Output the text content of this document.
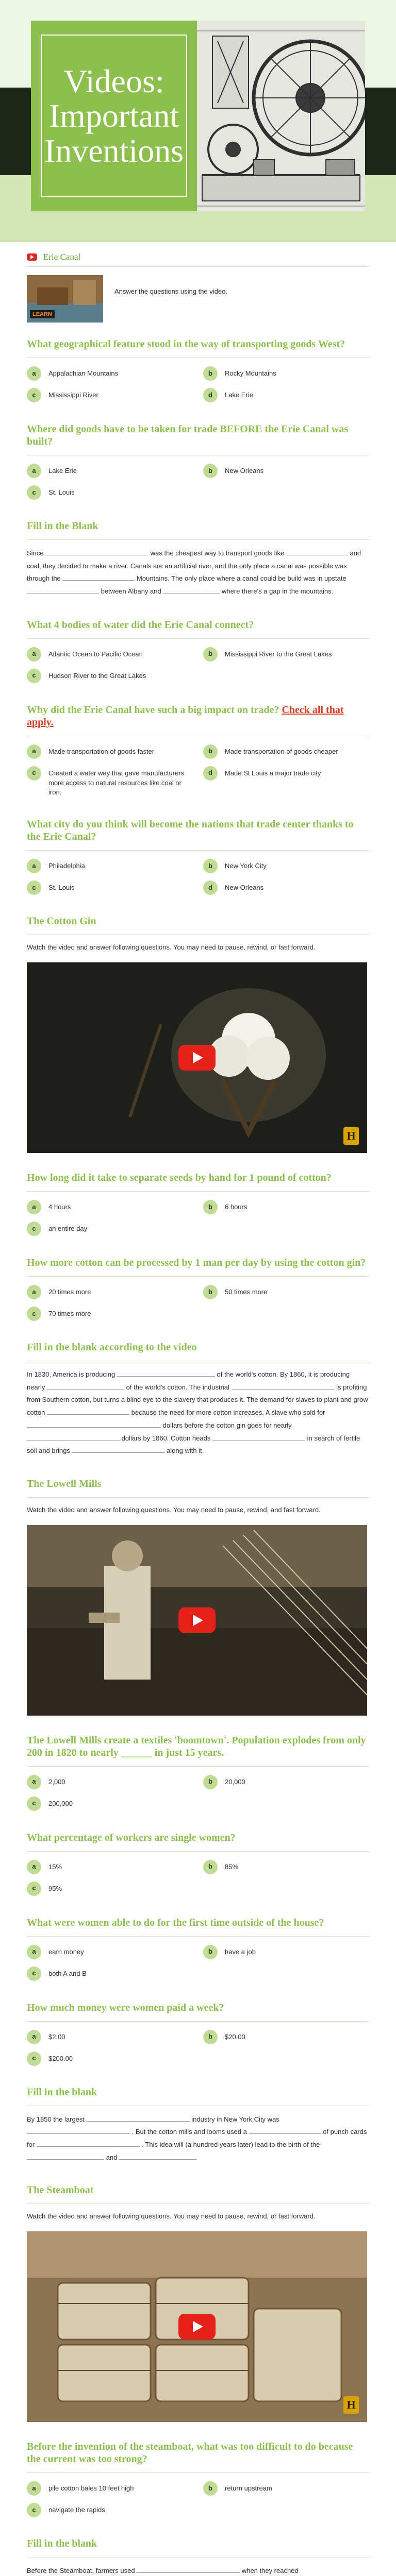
Videos: Important Inventions
Erie Canal
LEARN

Answer the questions using the video.

What geographical feature stood in the way of transporting goods West?
a	Appalachian Mountains	b	Rocky Mountains
c	Mississippi River	d	Lake Erie
Where did goods have to be taken for trade BEFORE the Erie Canal was built?
a	Lake Erie	b	New Orleans
c	St. Louis
Fill in the Blank

Since	was the cheapest way to transport goods like	and coal, they decided to make a river. Canals are an artificial river, and the only place a canal was possible was through the	Mountains. The only place where a canal could be build was in upstate  between Albany and	where there's a gap in the mountains.

What 4 bodies of water did the Erie Canal connect?
a	Atlantic Ocean to Pacific Ocean	b	Mississippi River to the Great Lakes
c	Hudson River to the Great Lakes
Why did the Erie Canal have such a big impact on trade? Check all that apply.
a	Made transportation of goods faster	b	Made transportation of goods cheaper
c	Created a water way that gave manufacturers more access to natural resources like coal or iron.
d	Made St Louis a major trade city
What city do you think will become the nations that trade center thanks to the Erie Canal?
a	Philadelphia	b	New York City
c	St. Louis	d	New Orleans
The Cotton Gin

Watch the video and answer following questions. You may need to pause, rewind, or fast forward.

H
How long did it take to separate seeds by hand for 1 pound of cotton?
a	4 hours	b	6 hours
c	an entire day
How more cotton can be processed by 1 man per day by using the cotton gin?
a	20 times more	b	50 times more
c	70 times more
Fill in the blank according to the video

In 1830, America is producing	of the world's cotton. By 1860, it is producing nearly	of the world's cotton. The industrial	is profiting from Southern cotton, but turns a blind eye to the slavery that produces it. The demand for slaves to plant and grow cotton	because the need for more cotton increases. A slave who sold for  dollars before the cotton gin goes for nearly  dollars by 1860. Cotton heads	in search of fertile soil and brings	along with it.

The Lowell Mills

Watch the video and answer following questions. You may need to pause, rewind, and fast forward.

The Lowell Mills create a textiles 'boomtown'. Population explodes from only 200 in 1820 to nearly ______ in just 15 years.
a	2,000	b	20,000
c	200,000
What percentage of workers are single women?
a	15%	b	85%
c	95%
What were women able to do for the first time outside of the house?
a	earn money	b	have a job
c	both A and B
How much money were women paid a week?
a	$2.00	b	$20.00
c	$200.00
Fill in the blank

By 1850 the largest	industry in New York City was  . But the cotton mills and looms used a	of punch cards for	. This idea will (a hundred years later) lead to the birth of the  and

The Steamboat

Watch the video and answer following questions. You may need to pause, rewind, or fast forward.

H
Before the invention of the steamboat, what was too difficult to do because the current was too strong?
a	pile cotton bales 10 feet high	b	return upstream
c	navigate the rapids
Fill in the blank

Before the Steamboat, farmers used	when they reached
